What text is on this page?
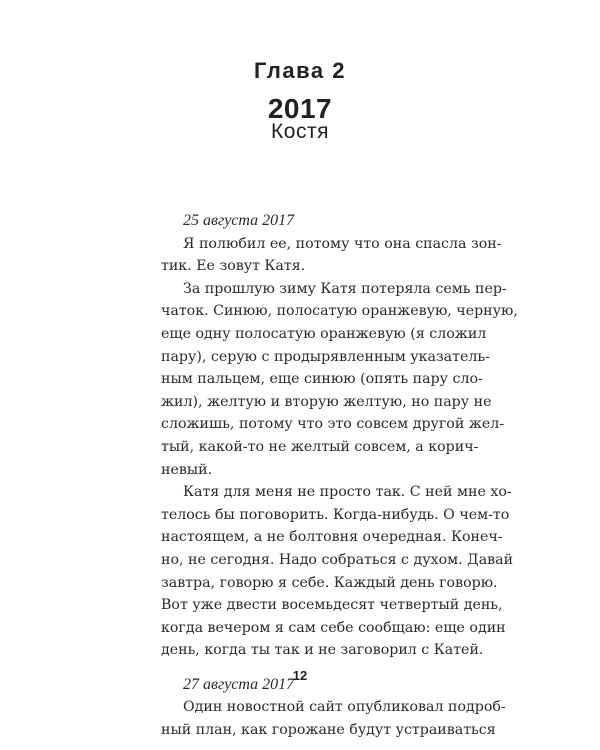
Глава 2
2017
Костя
25 августа 2017
Я полюбил ее, потому что она спасла зон-
тик. Ее зовут Катя.
За прошлую зиму Катя потеряла семь пер-
чаток. Синюю, полосатую оранжевую, черную,
еще одну полосатую оранжевую (я сложил
пару), серую с продырявленным указатель-
ным пальцем, еще синюю (опять пару сло-
жил), желтую и вторую желтую, но пару не
сложишь, потому что это совсем другой жел-
тый, какой-то не желтый совсем, а корич-
невый.
Катя для меня не просто так. С ней мне хо-
телось бы поговорить. Когда-нибудь. О чем-то
настоящем, а не болтовня очередная. Конеч-
но, не сегодня. Надо собраться с духом. Давай
завтра, говорю я себе. Каждый день говорю.
Вот уже двести восемьдесят четвертый день,
когда вечером я сам себе сообщаю: еще один
день, когда ты так и не заговорил с Катей.
27 августа 2017
Один новостной сайт опубликовал подроб-
ный план, как горожане будут устраиваться
12
